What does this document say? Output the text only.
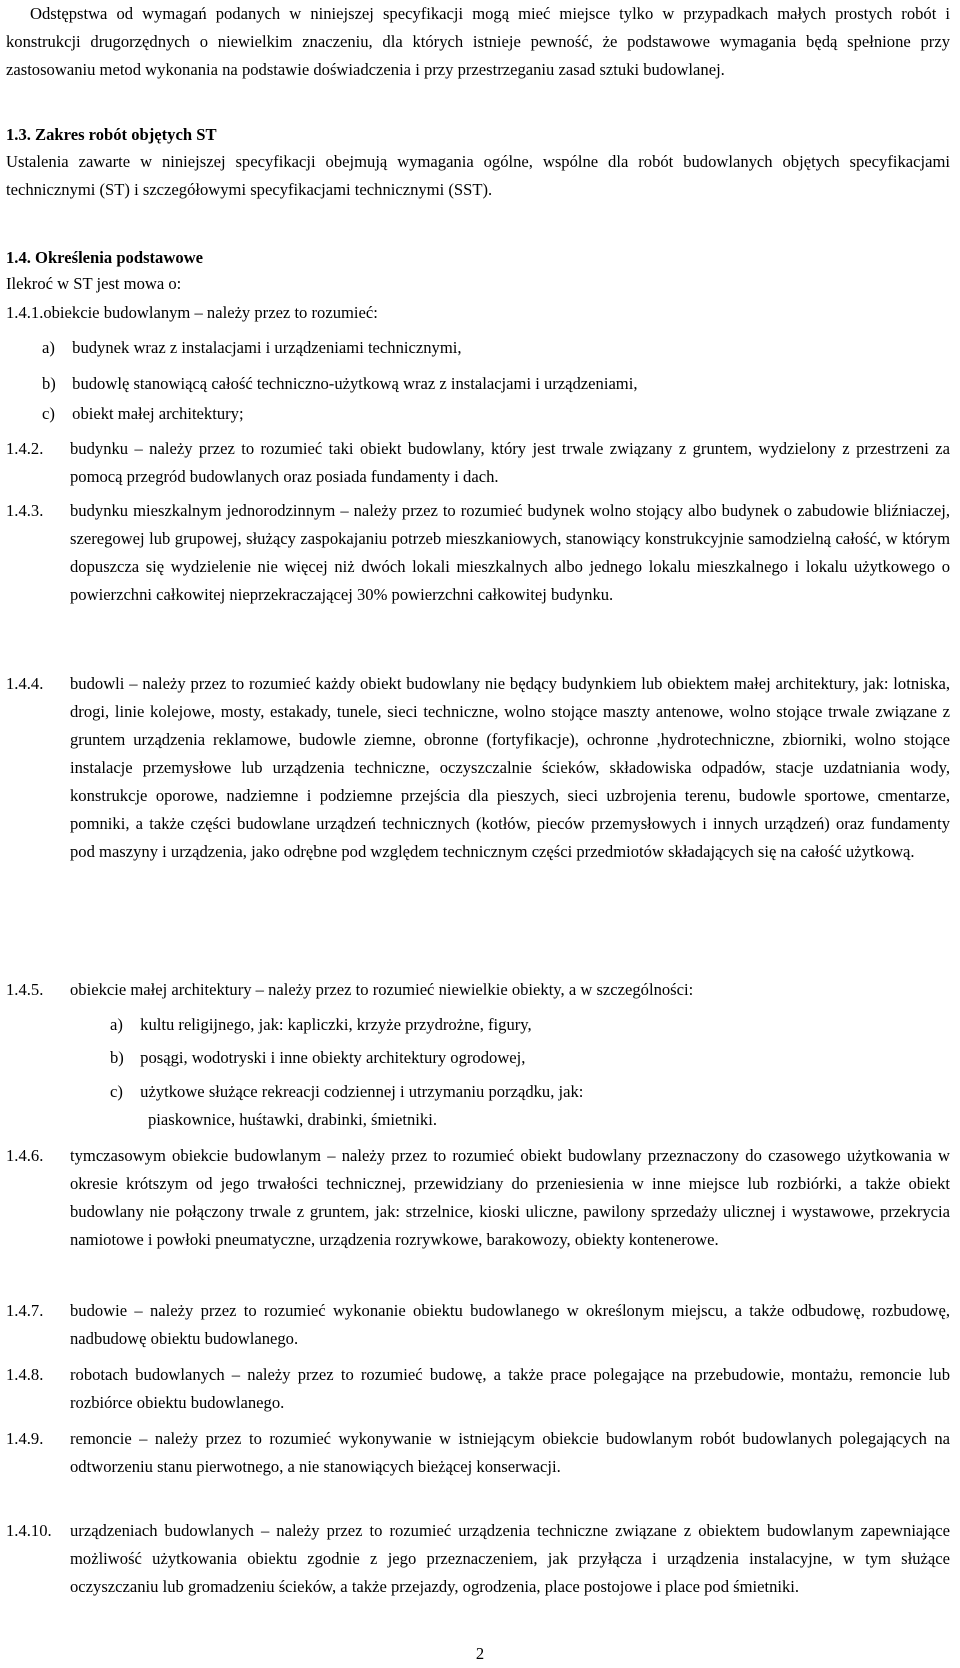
Odstępstwa od wymagań podanych w niniejszej specyfikacji mogą mieć miejsce tylko w przypadkach małych prostych robót i konstrukcji drugorzędnych o niewielkim znaczeniu, dla których istnieje pewność, że podstawowe wymagania będą spełnione przy zastosowaniu metod wykonania na podstawie doświadczenia i przy przestrzeganiu zasad sztuki budowlanej.

1.3. Zakres robót objętych ST

Ustalenia zawarte w niniejszej specyfikacji obejmują wymagania ogólne, wspólne dla robót budowlanych objętych specyfikacjami technicznymi (ST) i szczegółowymi specyfikacjami technicznymi (SST).

1.4. Określenia podstawowe

Ilekroć w ST jest mowa o:

1.4.1.obiekcie budowlanym – należy przez to rozumieć:

a) budynek wraz z instalacjami i urządzeniami technicznymi,

b) budowlę stanowiącą całość techniczno-użytkową wraz z instalacjami i urządzeniami,

c) obiekt małej architektury;

1.4.2.	budynku – należy przez to rozumieć taki obiekt budowlany, który jest trwale związany z gruntem, wydzielony z przestrzeni za pomocą przegród budowlanych oraz posiada fundamenty i dach.
1.4.3.	budynku mieszkalnym jednorodzinnym – należy przez to rozumieć budynek wolno stojący albo budynek o zabudowie bliźniaczej, szeregowej lub grupowej, służący zaspokajaniu potrzeb mieszkaniowych, stanowiący konstrukcyjnie samodzielną całość, w którym dopuszcza się wydzielenie nie więcej niż dwóch lokali mieszkalnych albo jednego lokalu mieszkalnego i lokalu użytkowego o powierzchni całkowitej nieprzekraczającej 30% powierzchni całkowitej budynku.
1.4.4.	budowli – należy przez to rozumieć każdy obiekt budowlany nie będący budynkiem lub obiektem małej architektury, jak: lotniska, drogi, linie kolejowe, mosty, estakady, tunele, sieci techniczne, wolno stojące maszty antenowe, wolno stojące trwale związane z gruntem urządzenia reklamowe, budowle ziemne, obronne (fortyfikacje), ochronne ,hydrotechniczne, zbiorniki, wolno stojące instalacje przemysłowe lub urządzenia techniczne, oczyszczalnie ścieków, składowiska odpadów, stacje uzdatniania wody, konstrukcje oporowe, nadziemne i podziemne przejścia dla pieszych, sieci uzbrojenia terenu, budowle sportowe, cmentarze, pomniki, a także części budowlane urządzeń technicznych (kotłów, pieców przemysłowych i innych urządzeń) oraz fundamenty pod maszyny i urządzenia, jako odrębne pod względem technicznym części przedmiotów składających się na całość użytkową.
1.4.5.	obiekcie małej architektury – należy przez to rozumieć niewielkie obiekty, a w szczególności:

a) kultu religijnego, jak: kapliczki, krzyże przydrożne, figury,

b) posągi, wodotryski i inne obiekty architektury ogrodowej,

c) użytkowe służące rekreacji codziennej i utrzymaniu porządku, jak:
piaskownice, huśtawki, drabinki, śmietniki.

1.4.6.	tymczasowym obiekcie budowlanym – należy przez to rozumieć obiekt budowlany przeznaczony do czasowego użytkowania w okresie krótszym od jego trwałości technicznej, przewidziany do przeniesienia w inne miejsce lub rozbiórki, a także obiekt budowlany nie połączony trwale z gruntem, jak: strzelnice, kioski uliczne, pawilony sprzedaży ulicznej i wystawowe, przekrycia namiotowe i powłoki pneumatyczne, urządzenia rozrywkowe, barakowozy, obiekty kontenerowe.
1.4.7.	budowie – należy przez to rozumieć wykonanie obiektu budowlanego w określonym miejscu, a także odbudowę, rozbudowę, nadbudowę obiektu budowlanego.
1.4.8.	robotach budowlanych – należy przez to rozumieć budowę, a także prace polegające na przebudowie, montażu, remoncie lub rozbiórce obiektu budowlanego.
1.4.9.	remoncie – należy przez to rozumieć wykonywanie w istniejącym obiekcie budowlanym robót budowlanych polegających na odtworzeniu stanu pierwotnego, a nie stanowiących bieżącej konserwacji.
1.4.10.	urządzeniach budowlanych – należy przez to rozumieć urządzenia techniczne związane z obiektem budowlanym zapewniające możliwość użytkowania obiektu zgodnie z jego przeznaczeniem, jak przyłącza i urządzenia instalacyjne, w tym służące oczyszczaniu lub gromadzeniu ścieków, a także przejazdy, ogrodzenia, place postojowe i place pod śmietniki.

2
